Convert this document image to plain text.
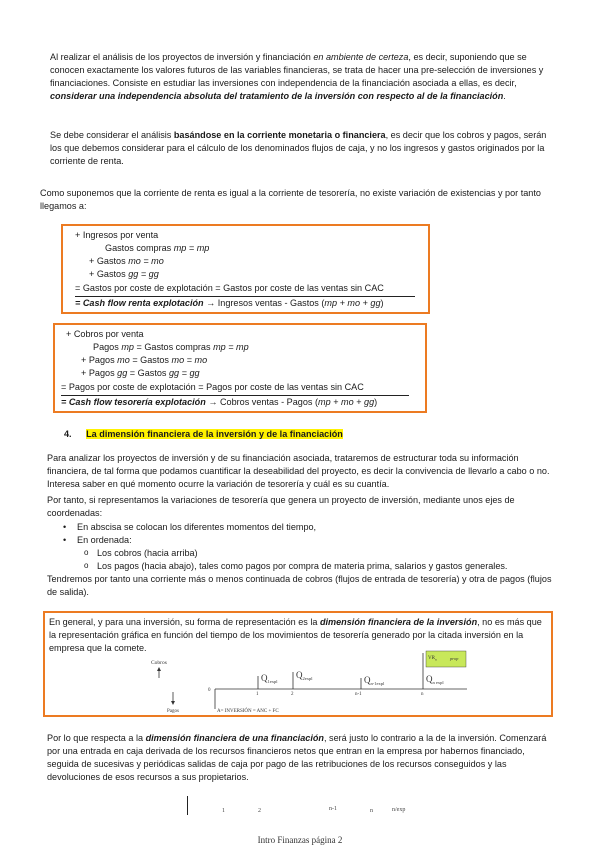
Al realizar el análisis de los proyectos de inversión y financiación en ambiente de certeza, es decir, suponiendo que se conocen exactamente los valores futuros de las variables financieras, se trata de hacer una pre-selección de inversiones y financiaciones. Consiste en estudiar las inversiones con independencia de la financiación asociada a ellas, es decir, considerar una independencia absoluta del tratamiento de la inversión con respecto al de la financiación.

Se debe considerar el análisis basándose en la corriente monetaria o financiera, es decir que los cobros y pagos, serán los que debemos considerar para el cálculo de los denominados flujos de caja, y no los ingresos y gastos originados por la corriente de renta.

Como suponemos que la corriente de renta es igual a la corriente de tesorería, no existe variación de existencias y por tanto llegamos a:

+ Ingresos por venta
Gastos compras mp = mp
+ Gastos mo = mo
+ Gastos gg = gg
= Gastos por coste de explotación = Gastos por coste de las ventas sin CAC
= Cash flow renta explotación → Ingresos ventas - Gastos (mp + mo + gg)
+ Cobros por venta
Pagos mp = Gastos compras mp = mp
+ Pagos mo = Gastos mo = mo
+ Pagos gg = Gastos gg = gg
= Pagos por coste de explotación = Pagos por coste de las ventas sin CAC
= Cash flow tesorería explotación → Cobros ventas - Pagos (mp + mo + gg)
4. La dimensión financiera de la inversión y de la financiación

Para analizar los proyectos de inversión y de su financiación asociada, trataremos de estructurar toda su información financiera, de tal forma que podamos cuantificar la deseabilidad del proyecto, es decir la convivencia de llevarlo a cabo o no. Interesa saber en qué momento ocurre la variación de tesorería y cuál es su cuantía.

Por tanto, si representamos la variaciones de tesorería que genera un proyecto de inversión, mediante unos ejes de coordenadas:

• En abscisa se colocan los diferentes momentos del tiempo,
• En ordenada:
o Los cobros (hacia arriba)
o Los pagos (hacia abajo), tales como pagos por compra de materia prima, salarios y gastos generales.

Tendremos por tanto una corriente más o menos continuada de cobros (flujos de entrada de tesorería) y otra de pagos (flujos de salida).

En general, y para una inversión, su forma de representación es la dimensión financiera de la inversión, no es más que la representación gráfica en función del tiempo de los movimientos de tesorería generado por la citada inversión en la empresa que la comete.

Cobros
Pagos
0
A= INVERSIÓN = ANC + FC
$Q_{1expl}$
1
$Q_{2expl}$
2
$Q_{n-1expl}$
n-1
$Q_{n expl}$
n
$VR_n$	prop

Por lo que respecta a la dimensión financiera de una financiación, será justo lo contrario a la de la inversión. Comenzará por una entrada en caja derivada de los recursos financieros netos que entran en la empresa por habernos financiado, seguida de sucesivas y periódicas salidas de caja por pago de las retribuciones de los recursos conseguidos y las devoluciones de esos recursos a sus propietarios.

1	2	n-1	n	n/exp
Intro Finanzas página 2
